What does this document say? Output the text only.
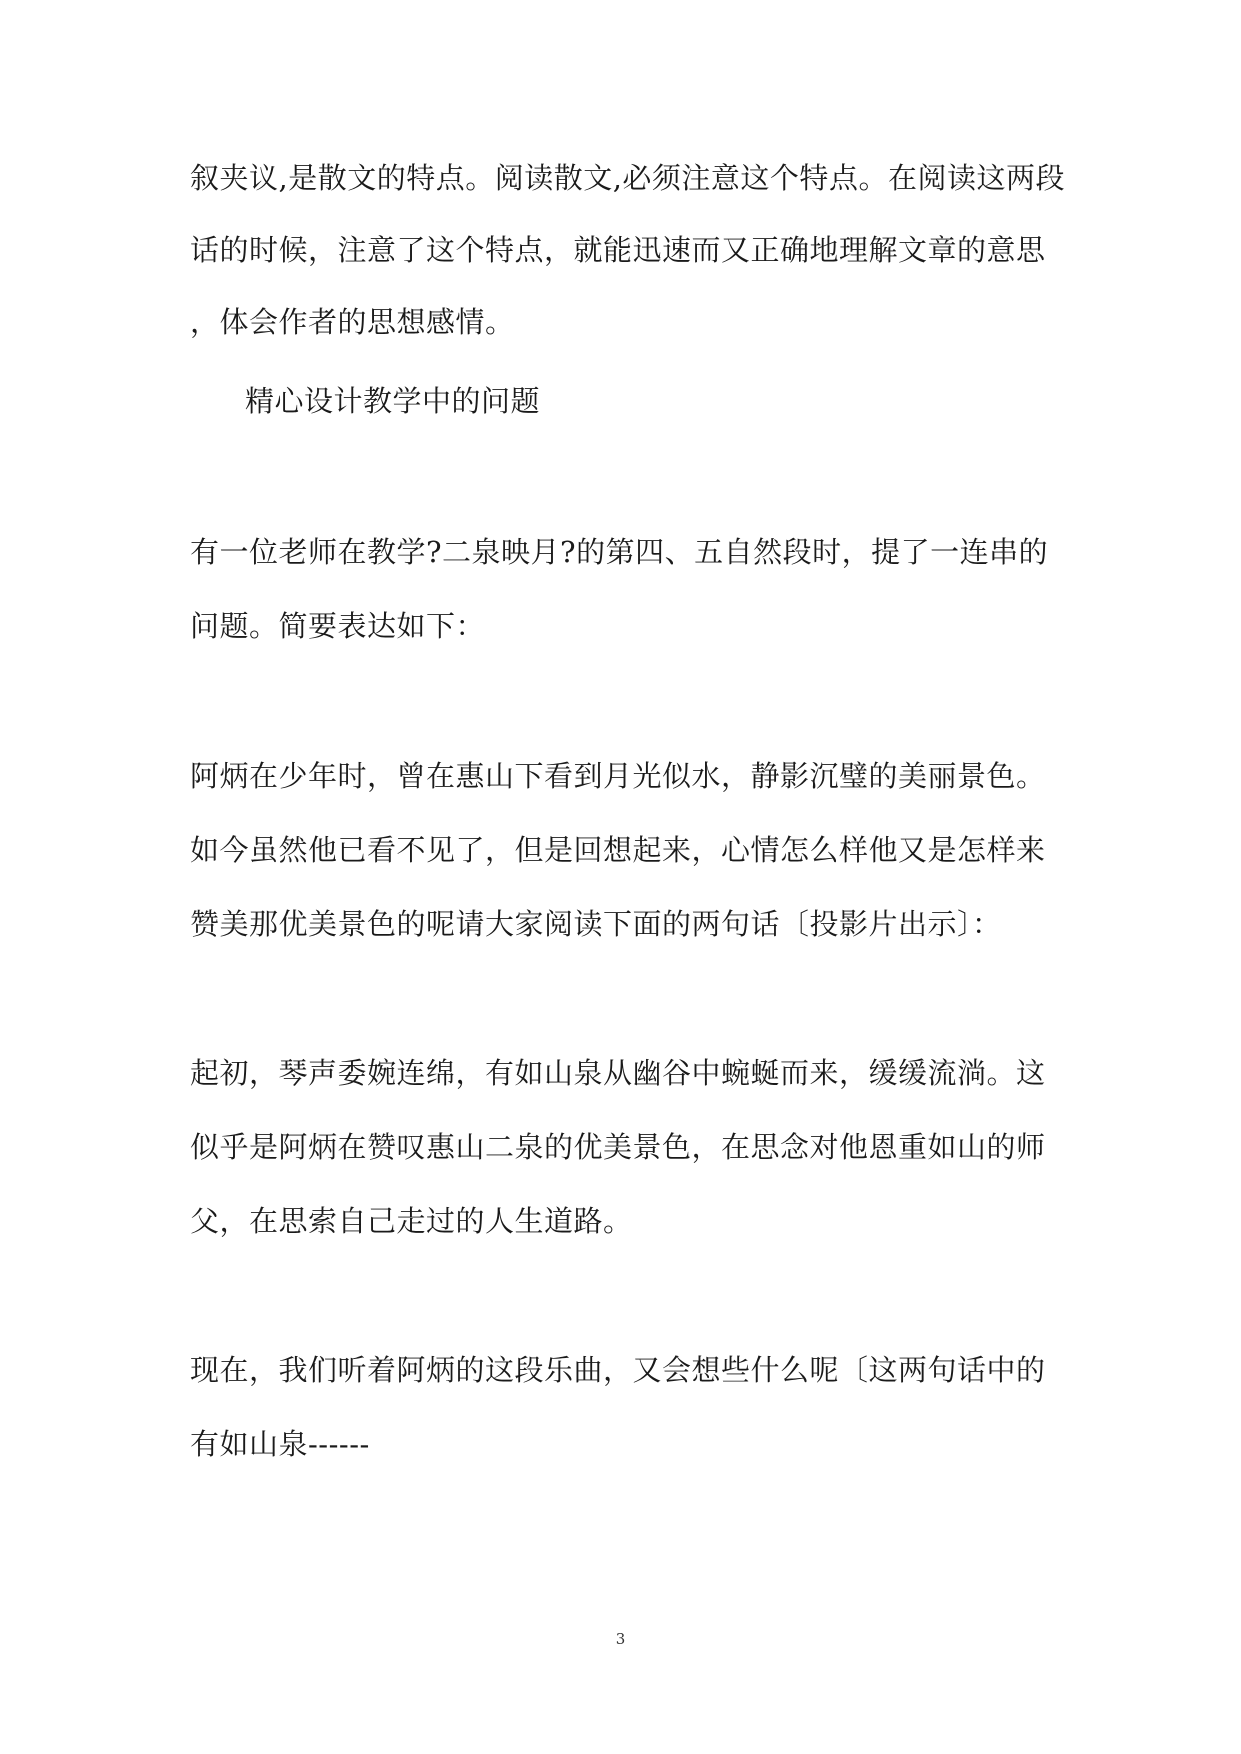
叙夹议,是散文的特点。阅读散文,必须注意这个特点。在阅读这两段
话的时候，注意了这个特点，就能迅速而又正确地理解文章的意思
，体会作者的思想感情。
精心设计教学中的问题
有一位老师在教学?二泉映月?的第四、五自然段时，提了一连串的
问题。简要表达如下：
阿炳在少年时，曾在惠山下看到月光似水，静影沉璧的美丽景色。
如今虽然他已看不见了，但是回想起来，心情怎么样他又是怎样来
赞美那优美景色的呢请大家阅读下面的两句话〔投影片出示〕：
起初，琴声委婉连绵，有如山泉从幽谷中蜿蜒而来，缓缓流淌。这
似乎是阿炳在赞叹惠山二泉的优美景色，在思念对他恩重如山的师
父，在思索自己走过的人生道路。
现在，我们听着阿炳的这段乐曲，又会想些什么呢〔这两句话中的
有如山泉------
3
